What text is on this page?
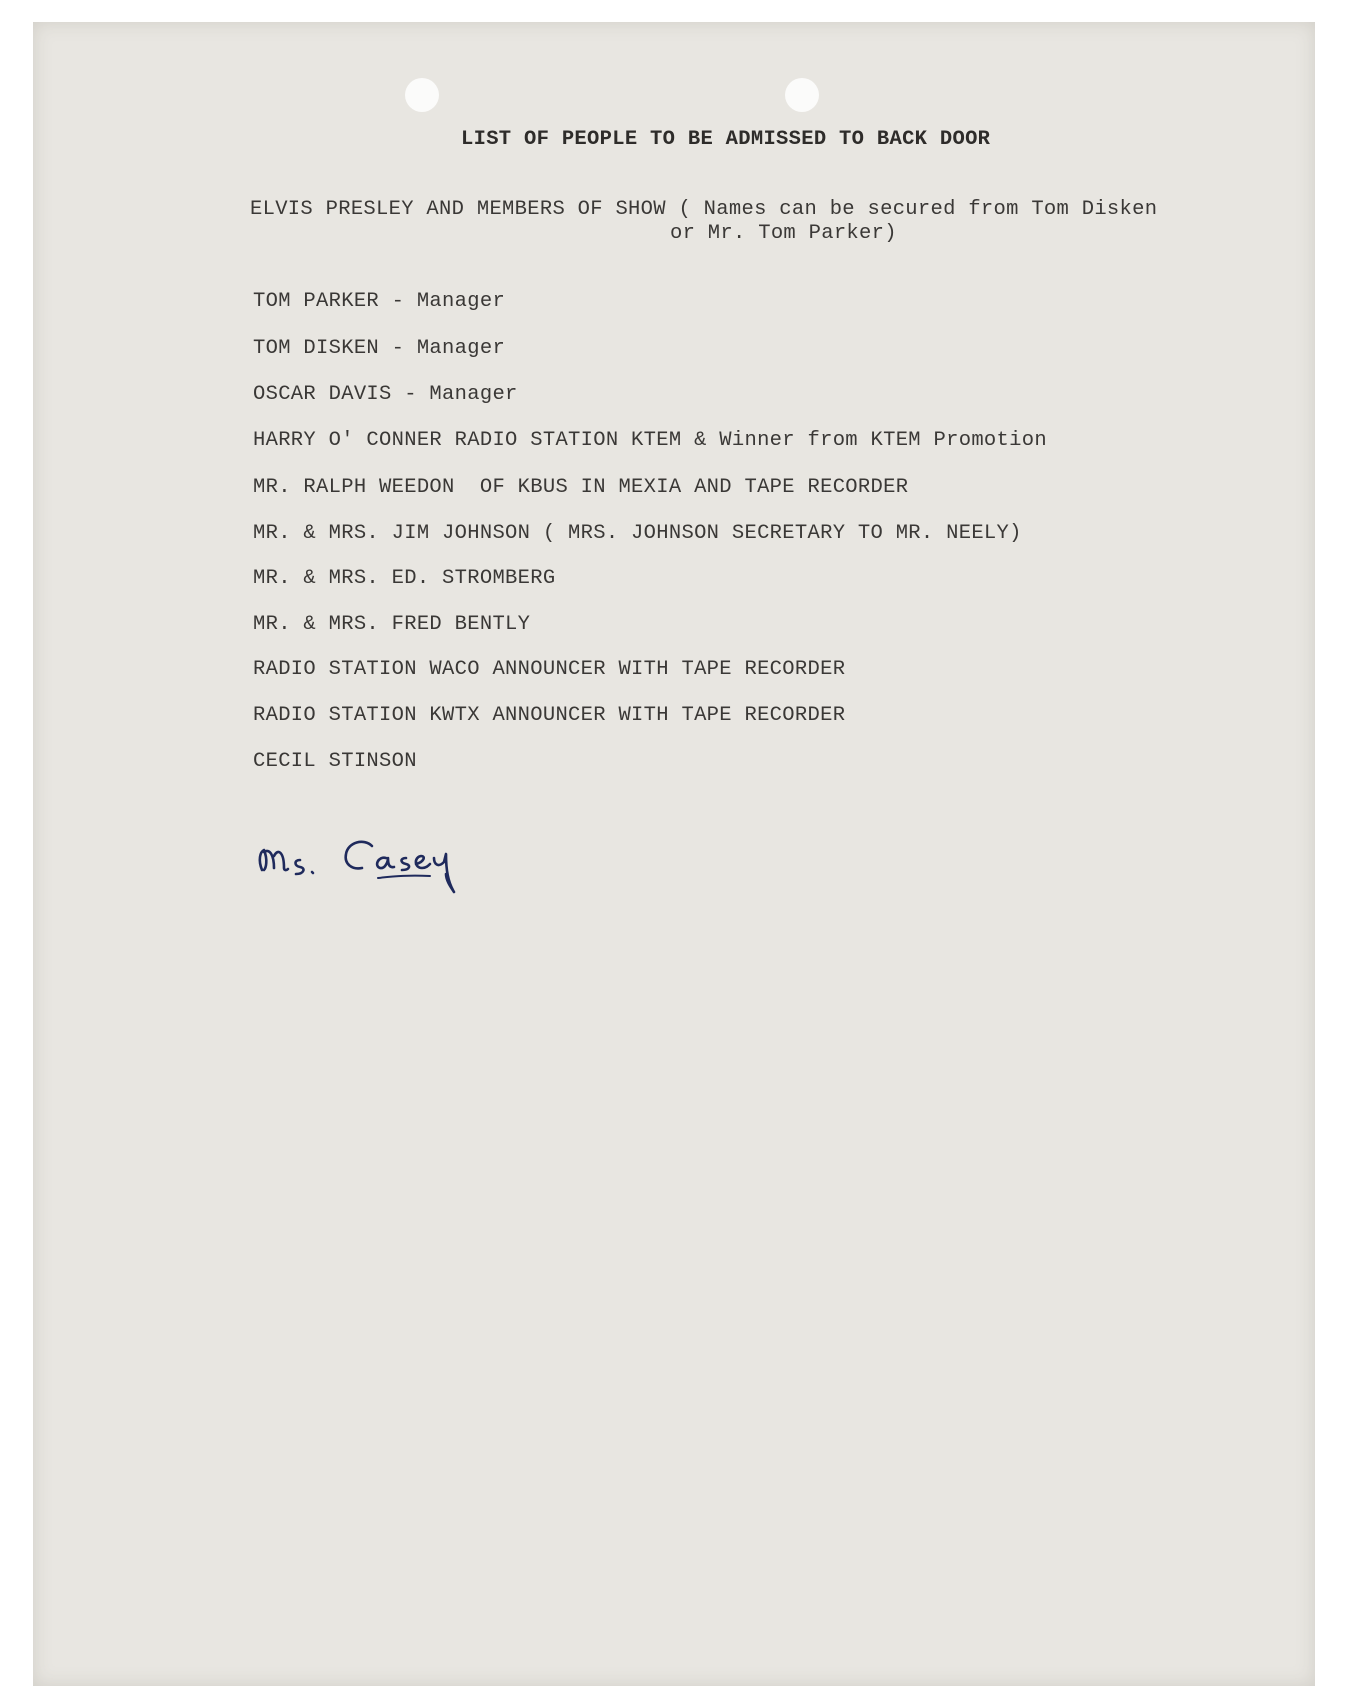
LIST OF PEOPLE TO BE ADMISSED TO BACK DOOR
ELVIS PRESLEY AND MEMBERS OF SHOW ( Names can be secured from Tom Disken
or Mr. Tom Parker)
TOM PARKER - Manager
TOM DISKEN - Manager
OSCAR DAVIS - Manager
HARRY O' CONNER RADIO STATION KTEM & Winner from KTEM Promotion
MR. RALPH WEEDON  OF KBUS IN MEXIA AND TAPE RECORDER
MR. & MRS. JIM JOHNSON ( MRS. JOHNSON SECRETARY TO MR. NEELY)
MR. & MRS. ED. STROMBERG
MR. & MRS. FRED BENTLY
RADIO STATION WACO ANNOUNCER WITH TAPE RECORDER
RADIO STATION KWTX ANNOUNCER WITH TAPE RECORDER
CECIL STINSON
